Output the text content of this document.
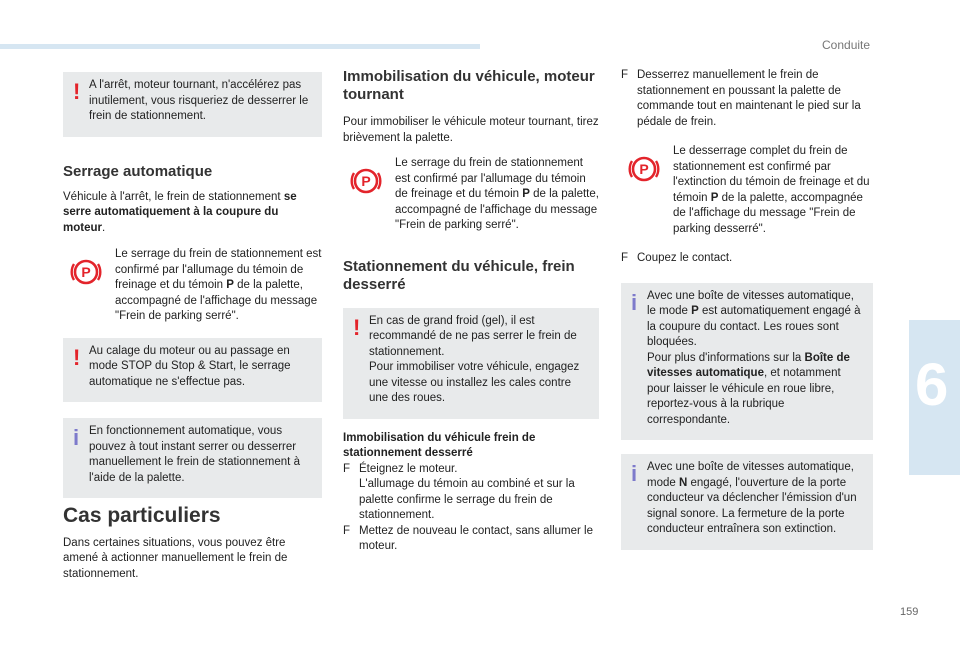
Conduite
6
159
! A l'arrêt, moteur tournant, n'accélérez pas inutilement, vous risqueriez de desserrer le frein de stationnement.

Serrage automatique

Véhicule à l'arrêt, le frein de stationnement se serre automatiquement à la coupure du moteur.

P

Le serrage du frein de stationnement est confirmé par l'allumage du témoin de freinage et du témoin P de la palette, accompagné de l'affichage du message "Frein de parking serré".

! Au calage du moteur ou au passage en mode STOP du Stop & Start, le serrage automatique ne s'effectue pas.

i En fonctionnement automatique, vous pouvez à tout instant serrer ou desserrer manuellement le frein de stationnement à l'aide de la palette.

Cas particuliers

Dans certaines situations, vous pouvez être amené à actionner manuellement le frein de stationnement.

Immobilisation du véhicule, moteur tournant

Pour immobiliser le véhicule moteur tournant, tirez brièvement la palette.

P

Le serrage du frein de stationnement est confirmé par l'allumage du témoin de freinage et du témoin P de la palette, accompagné de l'affichage du message "Frein de parking serré".

Stationnement du véhicule, frein desserré
! En cas de grand froid (gel), il est recommandé de ne pas serrer le frein de stationnement.

Pour immobiliser votre véhicule, engagez une vitesse ou installez les cales contre une des roues.

Immobilisation du véhicule frein de stationnement desserré

F Éteignez le moteur.

L'allumage du témoin au combiné et sur la palette confirme le serrage du frein de stationnement.

F Mettez de nouveau le contact, sans allumer le moteur.

F Desserrez manuellement le frein de stationnement en poussant la palette de commande tout en maintenant le pied sur la pédale de frein.

P

Le desserrage complet du frein de stationnement est confirmé par l'extinction du témoin de freinage et du témoin P de la palette, accompagnée de l'affichage du message "Frein de parking desserré".

F Coupez le contact.

i Avec une boîte de vitesses automatique, le mode P est automatiquement engagé à la coupure du contact. Les roues sont bloquées.

Pour plus d'informations sur la Boîte de vitesses automatique, et notamment pour laisser le véhicule en roue libre, reportez-vous à la rubrique correspondante.

i Avec une boîte de vitesses automatique, mode N engagé, l'ouverture de la porte conducteur va déclencher l'émission d'un signal sonore. La fermeture de la porte conducteur entraînera son extinction.
